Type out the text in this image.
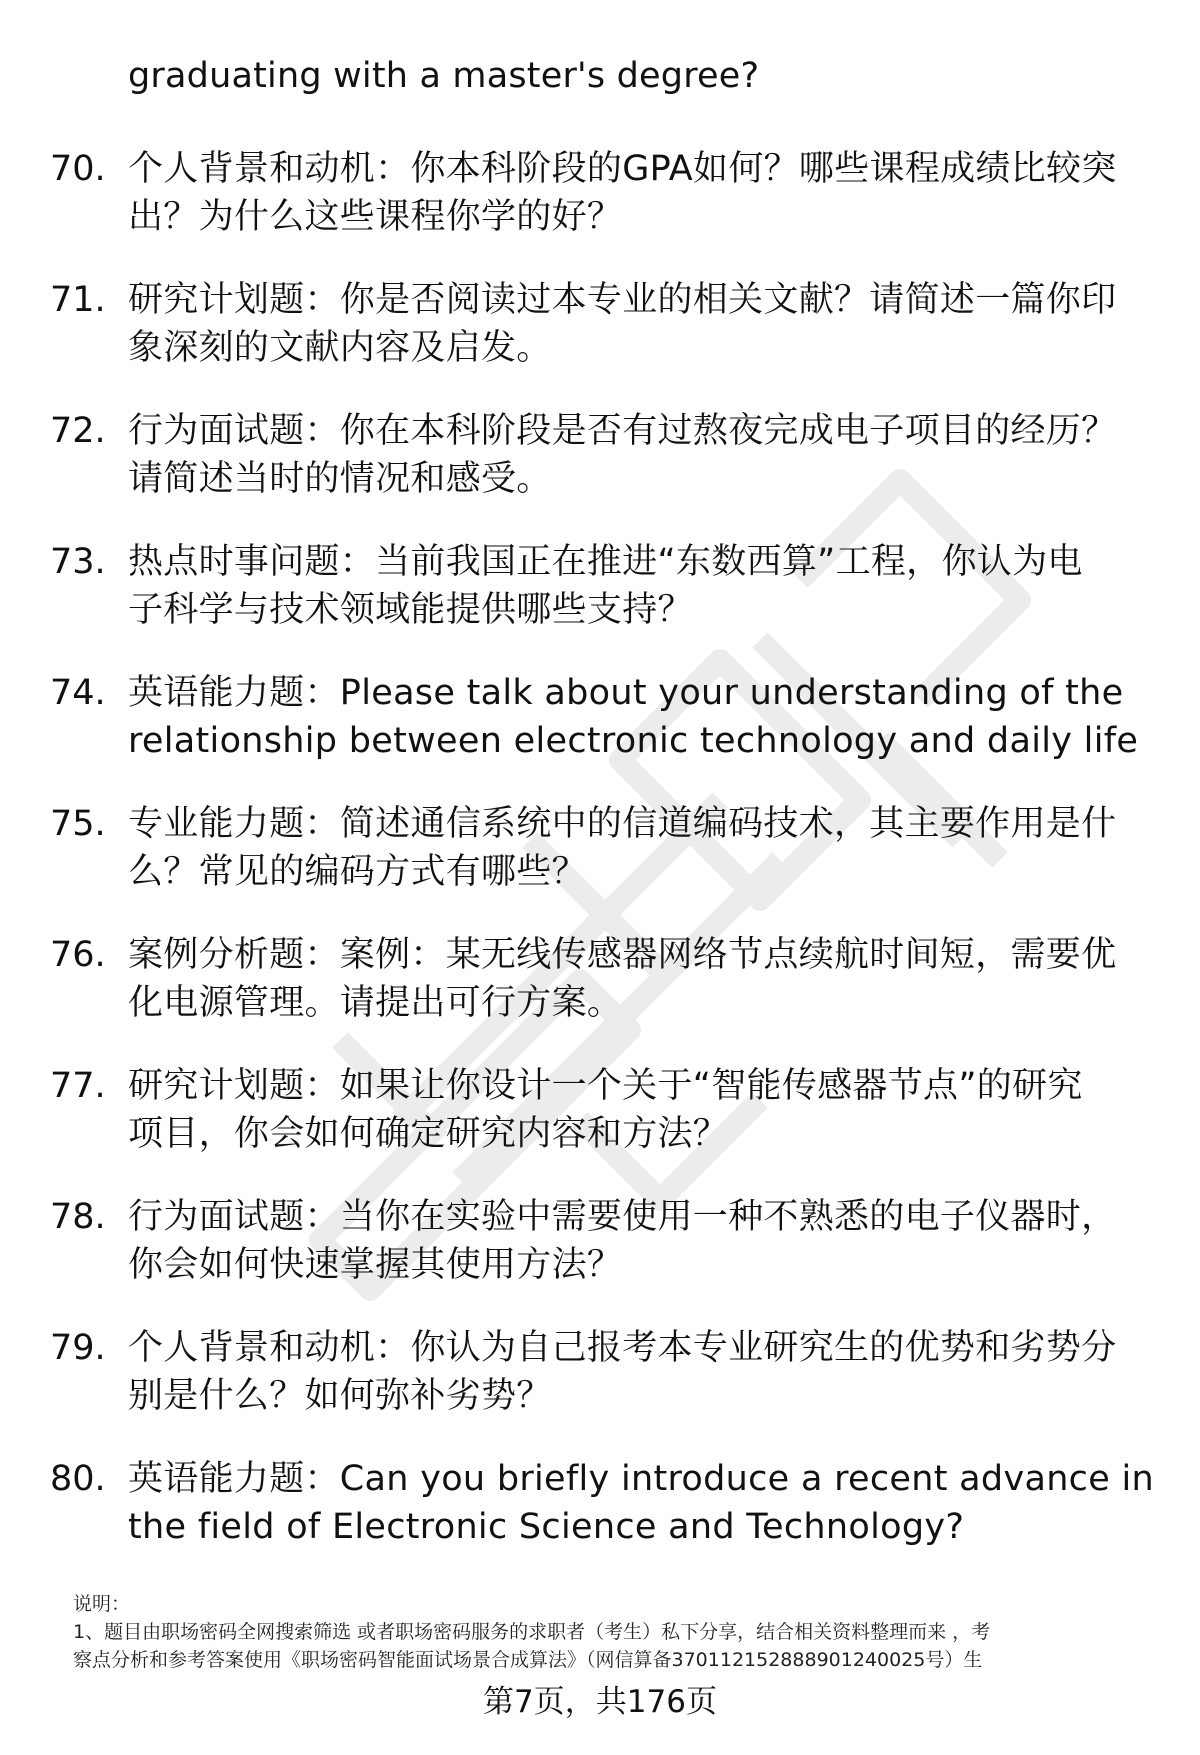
graduating with a master's degree?
70. 个人背景和动机：你本科阶段的GPA如何？哪些课程成绩比较突
出？为什么这些课程你学的好？
71. 研究计划题：你是否阅读过本专业的相关文献？请简述一篇你印
象深刻的文献内容及启发。
72. 行为面试题：你在本科阶段是否有过熬夜完成电子项目的经历？
请简述当时的情况和感受。
73. 热点时事问题：当前我国正在推进“东数西算”工程，你认为电
子科学与技术领域能提供哪些支持？
74. 英语能力题：Please talk about your understanding of the
relationship between electronic technology and daily life
75. 专业能力题：简述通信系统中的信道编码技术，其主要作用是什
么？常见的编码方式有哪些？
76. 案例分析题：案例：某无线传感器网络节点续航时间短，需要优
化电源管理。请提出可行方案。
77. 研究计划题：如果让你设计一个关于“智能传感器节点”的研究
项目，你会如何确定研究内容和方法？
78. 行为面试题：当你在实验中需要使用一种不熟悉的电子仪器时，
你会如何快速掌握其使用方法？
79. 个人背景和动机：你认为自己报考本专业研究生的优势和劣势分
别是什么？如何弥补劣势？
80. 英语能力题：Can you briefly introduce a recent advance in
the field of Electronic Science and Technology?
说明：
1、题目由职场密码全网搜索筛选 或者职场密码服务的求职者（考生）私下分享，结合相关资料整理而来 ，考
察点分析和参考答案使用《职场密码智能面试场景合成算法》（网信算备370112152888901240025号）生
第7页，共176页
